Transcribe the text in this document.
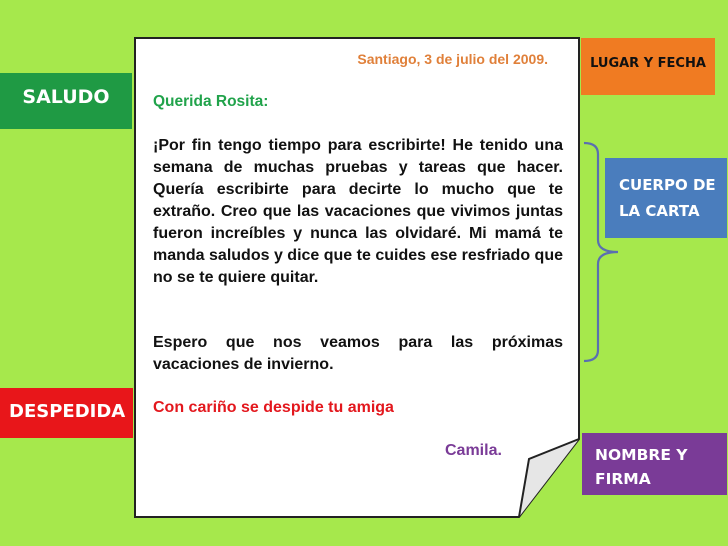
Santiago, 3 de julio del 2009.
Querida Rosita:
¡Por fin tengo tiempo para escribirte! He tenido una semana de muchas pruebas y tareas que hacer. Quería escribirte para decirte lo mucho que te extraño. Creo que las vacaciones que vivimos juntas fueron increíbles y nunca las olvidaré. Mi mamá te manda saludos y dice que te cuides ese resfriado que no se te quiere quitar.
Espero que nos veamos para las próximas vacaciones de invierno.
Con cariño se despide tu amiga
Camila.
SALUDO
DESPEDIDA
LUGAR Y FECHA
CUERPO DE LA CARTA
NOMBRE Y FIRMA
